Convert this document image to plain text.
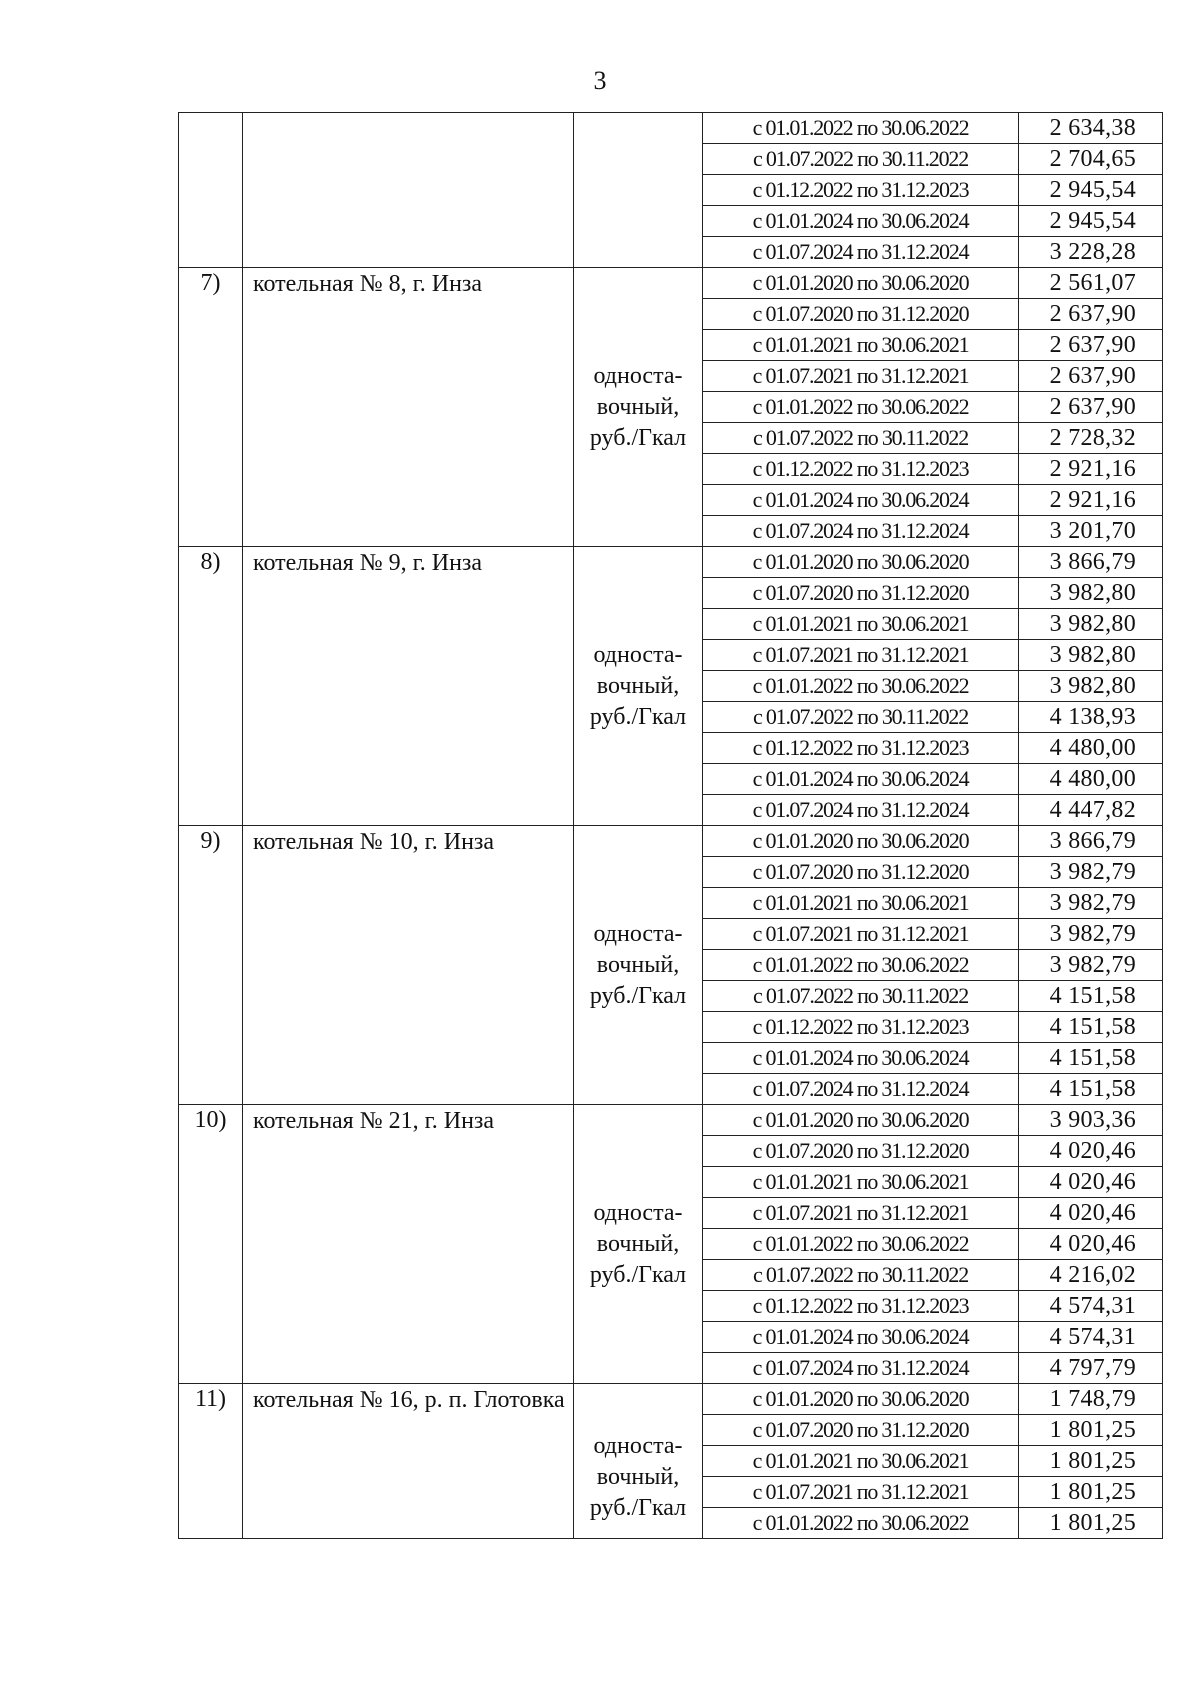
3
			с 01.01.2022 по 30.06.2022	2 634,38
			с 01.07.2022 по 30.11.2022	2 704,65
			с 01.12.2022 по 31.12.2023	2 945,54
			с 01.01.2024 по 30.06.2024	2 945,54
			с 01.07.2024 по 31.12.2024	3 228,28
7)	котельная № 8, г. Инза	односта- вочный, руб./Гкал	с 01.01.2020 по 30.06.2020	2 561,07
			с 01.07.2020 по 31.12.2020	2 637,90
			с 01.01.2021 по 30.06.2021	2 637,90
			с 01.07.2021 по 31.12.2021	2 637,90
			с 01.01.2022 по 30.06.2022	2 637,90
			с 01.07.2022 по 30.11.2022	2 728,32
			с 01.12.2022 по 31.12.2023	2 921,16
			с 01.01.2024 по 30.06.2024	2 921,16
			с 01.07.2024 по 31.12.2024	3 201,70
8)	котельная № 9, г. Инза	односта- вочный, руб./Гкал	с 01.01.2020 по 30.06.2020	3 866,79
			с 01.07.2020 по 31.12.2020	3 982,80
			с 01.01.2021 по 30.06.2021	3 982,80
			с 01.07.2021 по 31.12.2021	3 982,80
			с 01.01.2022 по 30.06.2022	3 982,80
			с 01.07.2022 по 30.11.2022	4 138,93
			с 01.12.2022 по 31.12.2023	4 480,00
			с 01.01.2024 по 30.06.2024	4 480,00
			с 01.07.2024 по 31.12.2024	4 447,82
9)	котельная № 10, г. Инза	односта- вочный, руб./Гкал	с 01.01.2020 по 30.06.2020	3 866,79
			с 01.07.2020 по 31.12.2020	3 982,79
			с 01.01.2021 по 30.06.2021	3 982,79
			с 01.07.2021 по 31.12.2021	3 982,79
			с 01.01.2022 по 30.06.2022	3 982,79
			с 01.07.2022 по 30.11.2022	4 151,58
			с 01.12.2022 по 31.12.2023	4 151,58
			с 01.01.2024 по 30.06.2024	4 151,58
			с 01.07.2024 по 31.12.2024	4 151,58
10)	котельная № 21, г. Инза	односта- вочный, руб./Гкал	с 01.01.2020 по 30.06.2020	3 903,36
			с 01.07.2020 по 31.12.2020	4 020,46
			с 01.01.2021 по 30.06.2021	4 020,46
			с 01.07.2021 по 31.12.2021	4 020,46
			с 01.01.2022 по 30.06.2022	4 020,46
			с 01.07.2022 по 30.11.2022	4 216,02
			с 01.12.2022 по 31.12.2023	4 574,31
			с 01.01.2024 по 30.06.2024	4 574,31
			с 01.07.2024 по 31.12.2024	4 797,79
11)	котельная № 16, р. п. Глотовка	односта- вочный, руб./Гкал	с 01.01.2020 по 30.06.2020	1 748,79
			с 01.07.2020 по 31.12.2020	1 801,25
			с 01.01.2021 по 30.06.2021	1 801,25
			с 01.07.2021 по 31.12.2021	1 801,25
			с 01.01.2022 по 30.06.2022	1 801,25
